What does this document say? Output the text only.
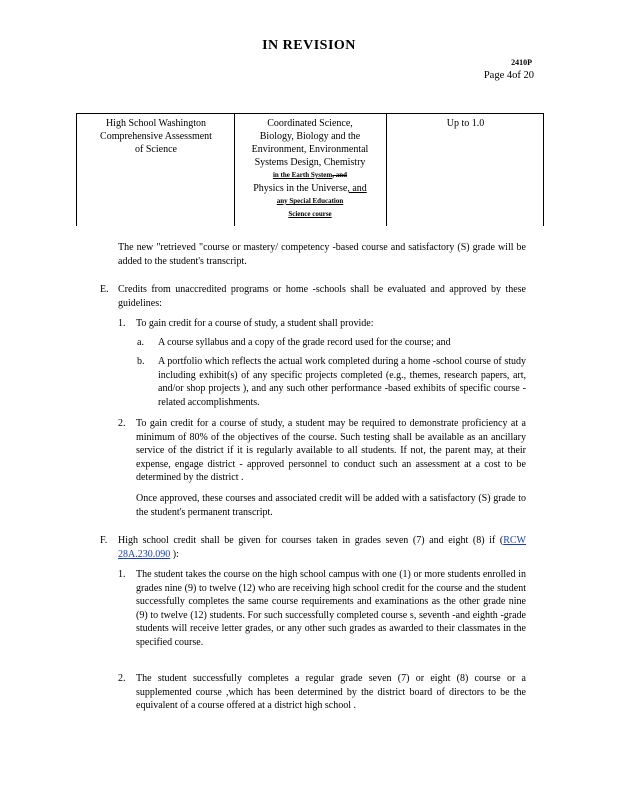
IN REVISION
2410P
Page 4of 20
High School Washington
Comprehensive Assessment
of Science
Coordinated Science,
Biology, Biology and the
Environment, Environmental
Systems Design, Chemistry
in the Earth System, and
Physics in the Universe, and
any Special Education
Science course
Up to 1.0
The new "retrieved "course or mastery/ competency -based course and satisfactory (S) grade will be added to the student's transcript.
E. Credits from unaccredited programs or home -schools shall be evaluated and approved by these guidelines:
1. To gain credit for a course of study, a student shall provide:
a. A course syllabus and a copy of the grade record used for the course; and
b. A portfolio which reflects the actual work completed during a home -school course of study including exhibit(s) of any specific projects completed (e.g., themes, research papers, art, and/or shop projects ), and any such other performance -based exhibits of specific course - related accomplishments.
2. To gain credit for a course of study, a student may be required to demonstrate proficiency at a minimum of 80% of the objectives of the course. Such testing shall be available as an ancillary service of the district if it is regularly available to all students. If not, the parent may, at their expense, engage district - approved personnel to conduct such an assessment at a cost to be determined by the district .
Once approved, these courses and associated credit will be added with a satisfactory (S) grade to the student's permanent transcript.
F. High school credit shall be given for courses taken in grades seven (7) and eight (8) if (RCW 28A.230.090 ):
1. The student takes the course on the high school campus with one (1) or more students enrolled in grades nine (9) to twelve (12) who are receiving high school credit for the course and the student successfully completes the same course requirements and examinations as the other grade nine (9) to twelve (12) students. For such successfully completed course s, seventh -and eighth -grade students will receive letter grades, or any other such grades as awarded to their classmates in the specified course.
2. The student successfully completes a regular grade seven (7) or eight (8) course or a supplemented course ,which has been determined by the district board of directors to be the equivalent of a course offered at a district high school .
